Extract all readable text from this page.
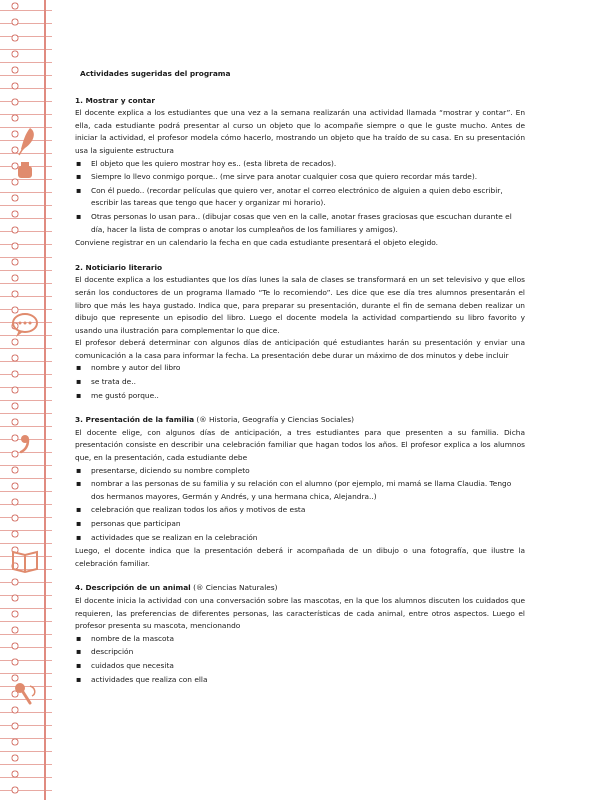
Actividades sugeridas del programa
1. Mostrar y contar

El docente explica a los estudiantes que una vez a la semana realizarán una actividad llamada “mostrar y contar”. En ella, cada estudiante podrá presentar al curso un objeto que lo acompañe siempre o que le guste mucho. Antes de iniciar la actividad, el profesor modela cómo hacerlo, mostrando un objeto que ha traído de su casa. En su presentación usa la siguiente estructura

▪ El objeto que les quiero mostrar hoy es.. (esta libreta de recados).
▪ Siempre lo llevo conmigo porque.. (me sirve para anotar cualquier cosa que quiero recordar más tarde).
▪ Con él puedo.. (recordar películas que quiero ver, anotar el correo electrónico de alguien a quien debo escribir, escribir las tareas que tengo que hacer y organizar mi horario).
▪ Otras personas lo usan para.. (dibujar cosas que ven en la calle, anotar frases graciosas que escuchan durante el día, hacer la lista de compras o anotar los cumpleaños de los familiares y amigos).

Conviene registrar en un calendario la fecha en que cada estudiante presentará el objeto elegido.

2. Noticiario literario

El docente explica a los estudiantes que los días lunes la sala de clases se transformará en un set televisivo y que ellos serán los conductores de un programa llamado “Te lo recomiendo”. Les dice que ese día tres alumnos presentarán el libro que más les haya gustado. Indica que, para preparar su presentación, durante el fin de semana deben realizar un dibujo que represente un episodio del libro. Luego el docente modela la actividad compartiendo su libro favorito y usando una ilustración para complementar lo que dice.

El profesor deberá determinar con algunos días de anticipación qué estudiantes harán su presentación y enviar una comunicación a la casa para informar la fecha. La presentación debe durar un máximo de dos minutos y debe incluir

▪ nombre y autor del libro
▪ se trata de..
▪ me gustó porque..
3. Presentación de la familia (® Historia, Geografía y Ciencias Sociales)

El docente elige, con algunos días de anticipación, a tres estudiantes para que presenten a su familia. Dicha presentación consiste en describir una celebración familiar que hagan todos los años. El profesor explica a los alumnos que, en la presentación, cada estudiante debe

▪ presentarse, diciendo su nombre completo
▪ nombrar a las personas de su familia y su relación con el alumno (por ejemplo, mi mamá se llama Claudia. Tengo dos hermanos mayores, Germán y Andrés, y una hermana chica, Alejandra..)
▪ celebración que realizan todos los años y motivos de esta
▪ personas que participan
▪ actividades que se realizan en la celebración

Luego, el docente indica que la presentación deberá ir acompañada de un dibujo o una fotografía, que ilustre la celebración familiar.

4. Descripción de un animal (® Ciencias Naturales)

El docente inicia la actividad con una conversación sobre las mascotas, en la que los alumnos discuten los cuidados que requieren, las preferencias de diferentes personas, las características de cada animal, entre otros aspectos. Luego el profesor presenta su mascota, mencionando

▪ nombre de la mascota
▪ descripción
▪ cuidados que necesita
▪ actividades que realiza con ella
